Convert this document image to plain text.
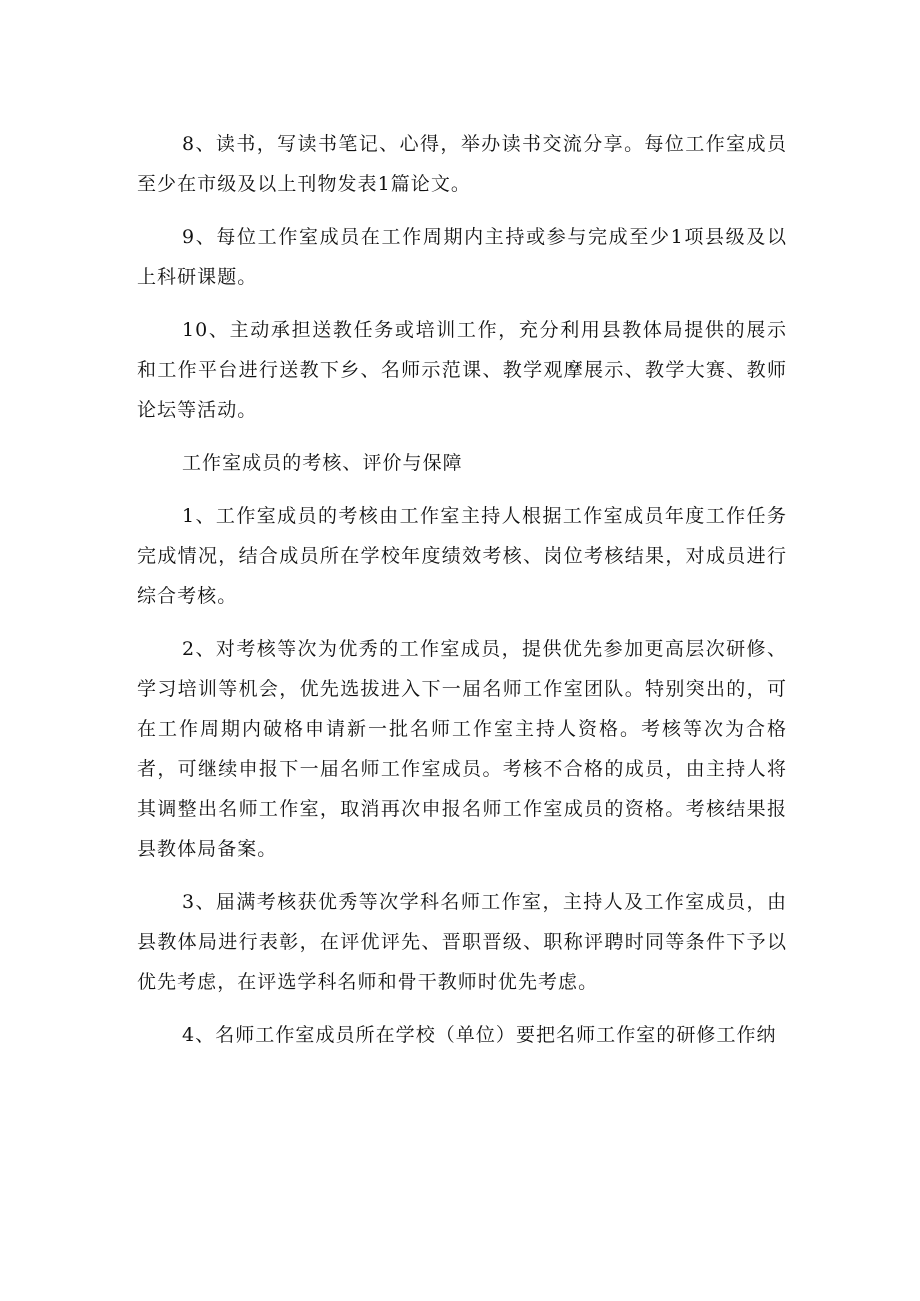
8、读书，写读书笔记、心得，举办读书交流分享。每位工作室成员至少在市级及以上刊物发表1篇论文。

9、每位工作室成员在工作周期内主持或参与完成至少1项县级及以上科研课题。

10、主动承担送教任务或培训工作，充分利用县教体局提供的展示和工作平台进行送教下乡、名师示范课、教学观摩展示、教学大赛、教师论坛等活动。

工作室成员的考核、评价与保障

1、工作室成员的考核由工作室主持人根据工作室成员年度工作任务完成情况，结合成员所在学校年度绩效考核、岗位考核结果，对成员进行综合考核。

2、对考核等次为优秀的工作室成员，提供优先参加更高层次研修、学习培训等机会，优先选拔进入下一届名师工作室团队。特别突出的，可在工作周期内破格申请新一批名师工作室主持人资格。考核等次为合格者，可继续申报下一届名师工作室成员。考核不合格的成员，由主持人将其调整出名师工作室，取消再次申报名师工作室成员的资格。考核结果报县教体局备案。

3、届满考核获优秀等次学科名师工作室，主持人及工作室成员，由县教体局进行表彰，在评优评先、晋职晋级、职称评聘时同等条件下予以优先考虑，在评选学科名师和骨干教师时优先考虑。

4、名师工作室成员所在学校（单位）要把名师工作室的研修工作纳
